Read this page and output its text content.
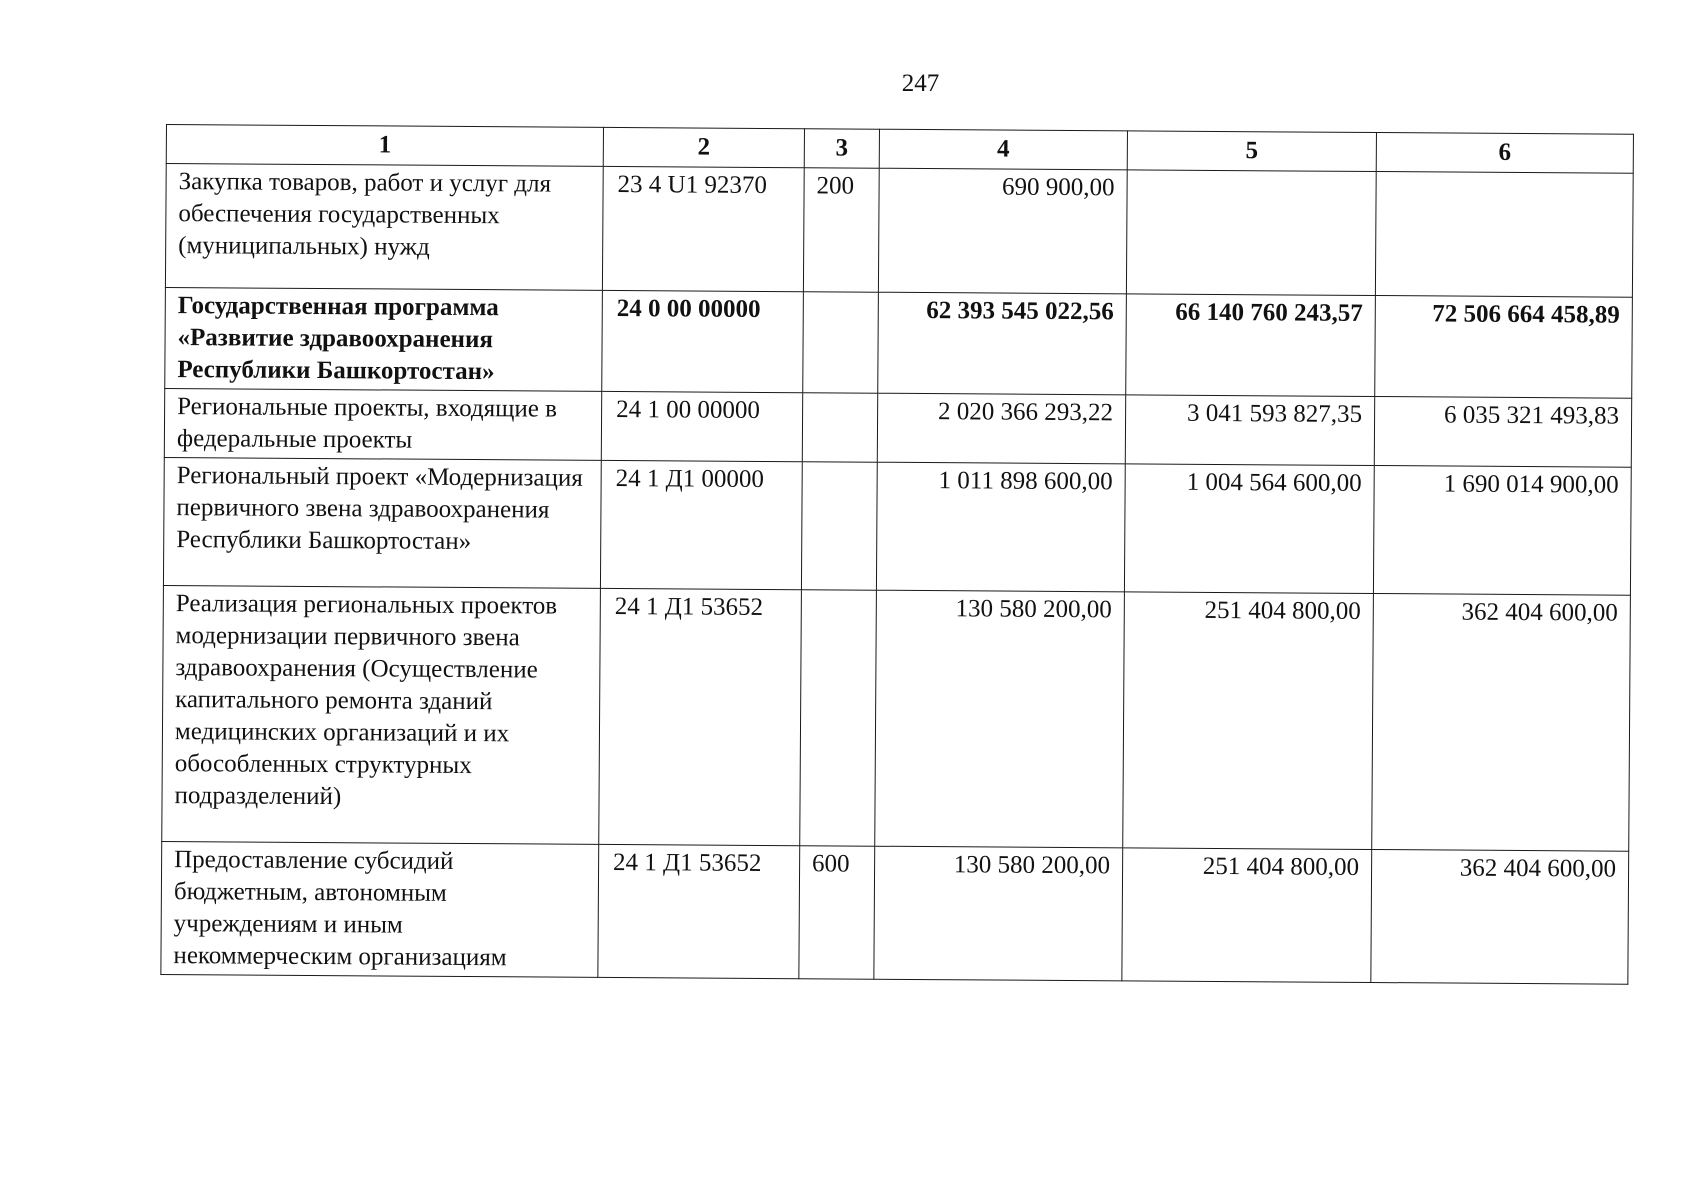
247
1	2	3	4	5	6
Закупка товаров, работ и услуг для обеспечения государственных (муниципальных) нужд	23 4 U1 92370	200	690 900,00		
Государственная программа «Развитие здравоохранения Республики Башкортостан»	24 0 00 00000		62 393 545 022,56	66 140 760 243,57	72 506 664 458,89
Региональные проекты, входящие в федеральные проекты	24 1 00 00000		2 020 366 293,22	3 041 593 827,35	6 035 321 493,83
Региональный проект «Модернизация первичного звена здравоохранения Республики Башкортостан»	24 1 Д1 00000		1 011 898 600,00	1 004 564 600,00	1 690 014 900,00
Реализация региональных проектов модернизации первичного звена здравоохранения (Осуществление капитального ремонта зданий медицинских организаций и их обособленных структурных подразделений)	24 1 Д1 53652		130 580 200,00	251 404 800,00	362 404 600,00
Предоставление субсидий бюджетным, автономным учреждениям и иным некоммерческим организациям	24 1 Д1 53652	600	130 580 200,00	251 404 800,00	362 404 600,00
